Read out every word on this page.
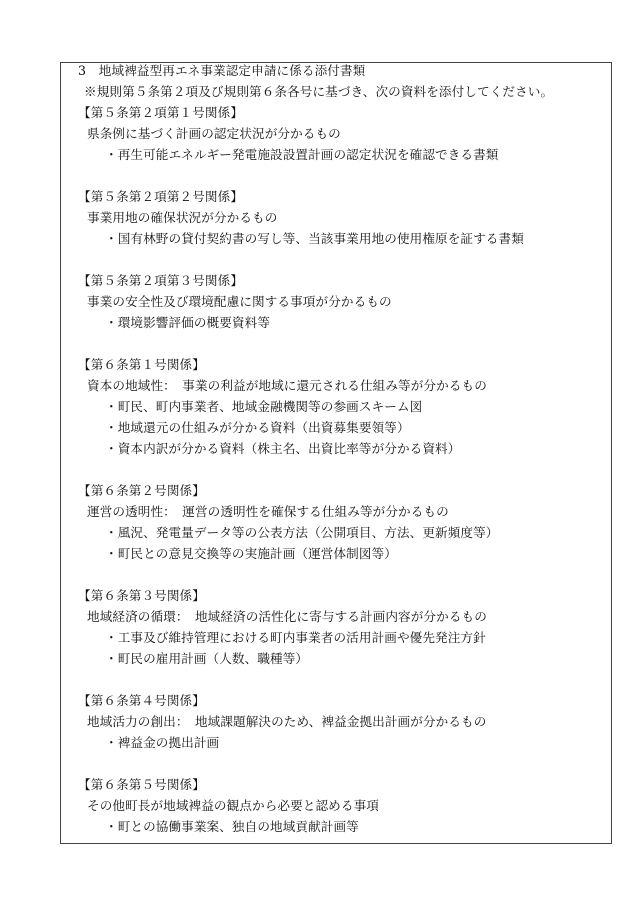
3　地域裨益型再エネ事業認定申請に係る添付書類
※規則第５条第２項及び規則第６条各号に基づき、次の資料を添付してください。
【第５条第２項第１号関係】
県条例に基づく計画の認定状況が分かるもの
・再生可能エネルギー発電施設設置計画の認定状況を確認できる書類
【第５条第２項第２号関係】
事業用地の確保状況が分かるもの
・国有林野の貸付契約書の写し等、当該事業用地の使用権原を証する書類
【第５条第２項第３号関係】
事業の安全性及び環境配慮に関する事項が分かるもの
・環境影響評価の概要資料等
【第６条第１号関係】
資本の地域性：　事業の利益が地域に還元される仕組み等が分かるもの
・町民、町内事業者、地域金融機関等の参画スキーム図
・地域還元の仕組みが分かる資料（出資募集要領等）
・資本内訳が分かる資料（株主名、出資比率等が分かる資料）
【第６条第２号関係】
運営の透明性：　運営の透明性を確保する仕組み等が分かるもの
・風況、発電量データ等の公表方法（公開項目、方法、更新頻度等）
・町民との意見交換等の実施計画（運営体制図等）
【第６条第３号関係】
地域経済の循環：　地域経済の活性化に寄与する計画内容が分かるもの
・工事及び維持管理における町内事業者の活用計画や優先発注方針
・町民の雇用計画（人数、職種等）
【第６条第４号関係】
地域活力の創出：　地域課題解決のため、裨益金拠出計画が分かるもの
・裨益金の拠出計画
【第６条第５号関係】
その他町長が地域裨益の観点から必要と認める事項
・町との協働事業案、独自の地域貢献計画等
